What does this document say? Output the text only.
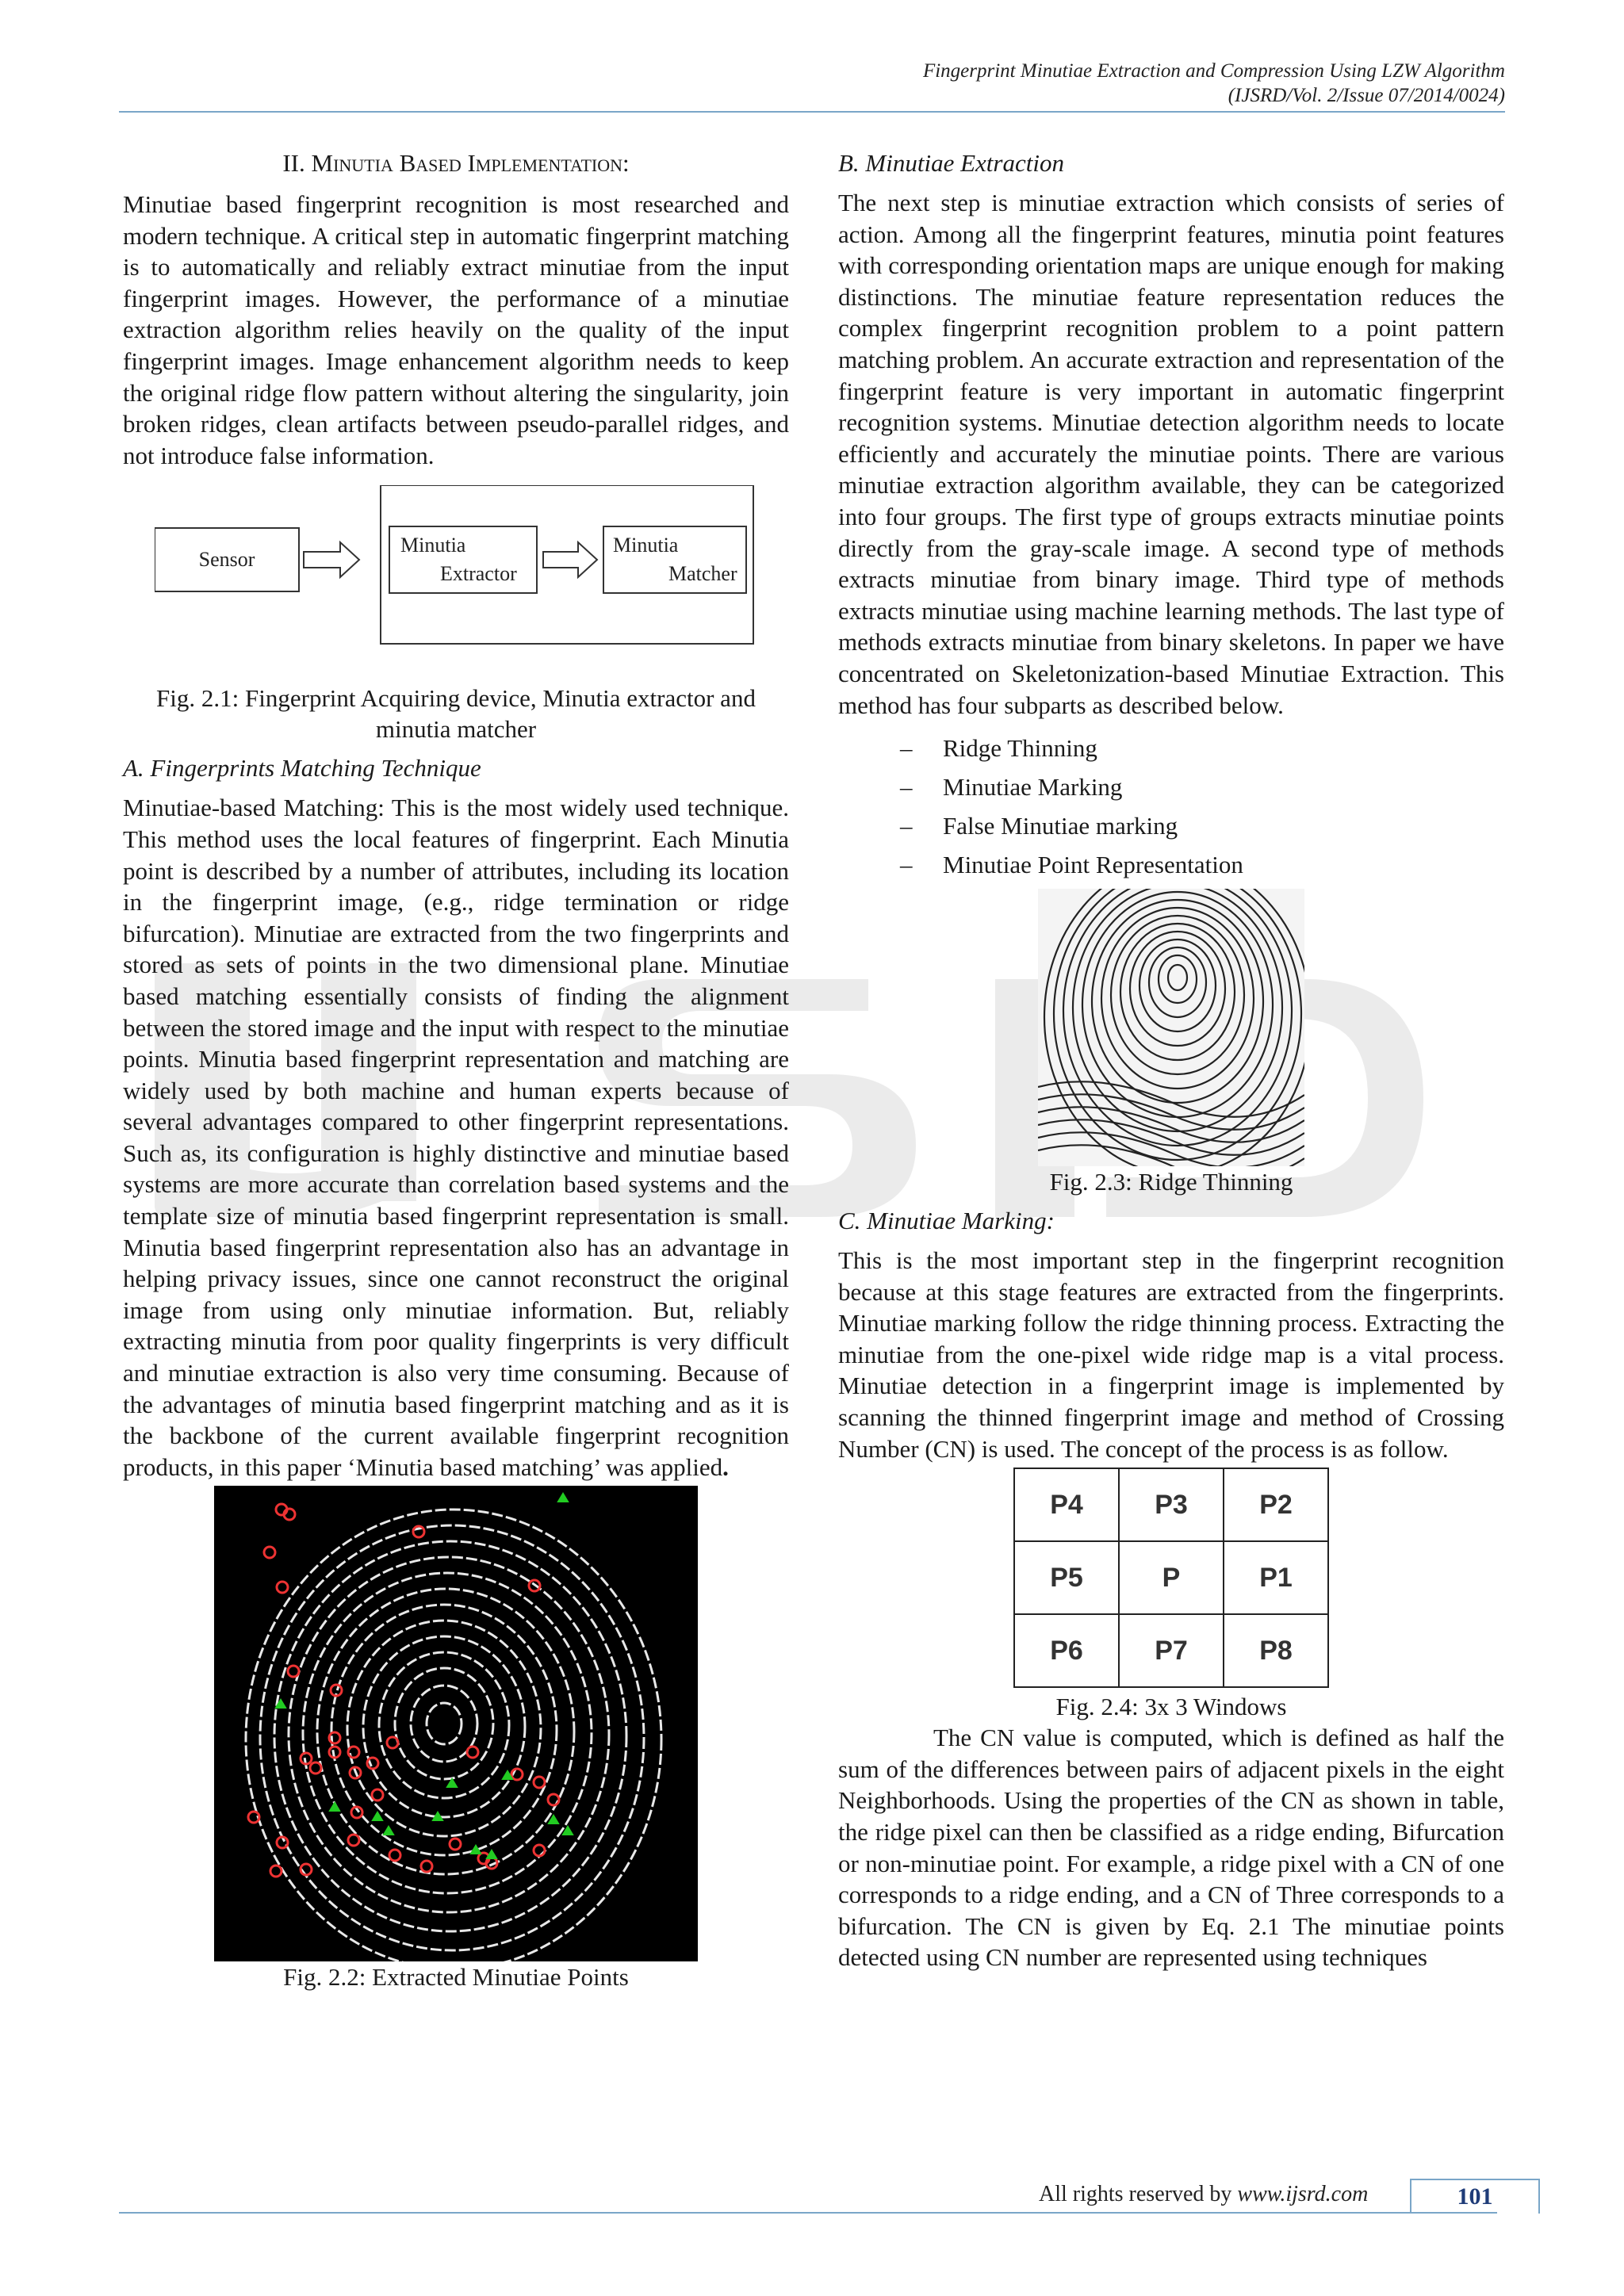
Fingerprint Minutiae Extraction and Compression Using LZW Algorithm
(IJSRD/Vol. 2/Issue 07/2014/0024)
II. Minutia Based Implementation:

Minutiae based fingerprint recognition is most researched and modern technique. A critical step in automatic fingerprint matching is to automatically and reliably extract minutiae from the input fingerprint images. However, the performance of a minutiae extraction algorithm relies heavily on the quality of the input fingerprint images. Image enhancement algorithm needs to keep the original ridge flow pattern without altering the singularity, join broken ridges, clean artifacts between pseudo-parallel ridges, and not introduce false information.

Sensor
Minutia
Extractor
Minutia
Matcher

Fig. 2.1: Fingerprint Acquiring device, Minutia extractor and minutia matcher

A. Fingerprints Matching Technique

Minutiae-based Matching: This is the most widely used technique. This method uses the local features of fingerprint. Each Minutia point is described by a number of attributes, including its location in the fingerprint image, (e.g., ridge termination or ridge bifurcation). Minutiae are extracted from the two fingerprints and stored as sets of points in the two dimensional plane. Minutiae based matching essentially consists of finding the alignment between the stored image and the input with respect to the minutiae points. Minutia based fingerprint representation and matching are widely used by both machine and human experts because of several advantages compared to other fingerprint representations. Such as, its configuration is highly distinctive and minutiae based systems are more accurate than correlation based systems and the template size of minutia based fingerprint representation is small. Minutia based fingerprint representation also has an advantage in helping privacy issues, since one cannot reconstruct the original image from using only minutiae information. But, reliably extracting minutia from poor quality fingerprints is very difficult and minutiae extraction is also very time consuming. Because of the advantages of minutia based fingerprint matching and as it is the backbone of the current available fingerprint recognition products, in this paper ‘Minutia based matching’ was applied.

Fig. 2.2: Extracted Minutiae Points

B. Minutiae Extraction

The next step is minutiae extraction which consists of series of action. Among all the fingerprint features, minutia point features with corresponding orientation maps are unique enough for making distinctions. The minutiae feature representation reduces the complex fingerprint recognition problem to a point pattern matching problem. An accurate extraction and representation of the fingerprint feature is very important in automatic fingerprint recognition systems. Minutiae detection algorithm needs to locate efficiently and accurately the minutiae points. There are various minutiae extraction algorithm available, they can be categorized into four groups. The first type of groups extracts minutiae points directly from the gray-scale image. A second type of methods extracts minutiae from binary image. Third type of methods extracts minutiae using machine learning methods. The last type of methods extracts minutiae from binary skeletons. In paper we have concentrated on Skeletonization-based Minutiae Extraction. This method has four subparts as described below.

– Ridge Thinning
– Minutiae Marking
– False Minutiae marking
– Minutiae Point Representation

Fig. 2.3: Ridge Thinning

C. Minutiae Marking:

This is the most important step in the fingerprint recognition because at this stage features are extracted from the fingerprints. Minutiae marking follow the ridge thinning process. Extracting the minutiae from the one-pixel wide ridge map is a vital process. Minutiae detection in a fingerprint image is implemented by scanning the thinned fingerprint image and method of Crossing Number (CN) is used. The concept of the process is as follow.

P4	P3	P2
P5	P	P1
P6	P7	P8

Fig. 2.4: 3x 3 Windows

The CN value is computed, which is defined as half the sum of the differences between pairs of adjacent pixels in the eight Neighborhoods. Using the properties of the CN as shown in table, the ridge pixel can then be classified as a ridge ending, Bifurcation or non-minutiae point. For example, a ridge pixel with a CN of one corresponds to a ridge ending, and a CN of Three corresponds to a bifurcation. The CN is given by Eq. 2.1 The minutiae points detected using CN number are represented using techniques

All rights reserved by www.ijsrd.com	101
